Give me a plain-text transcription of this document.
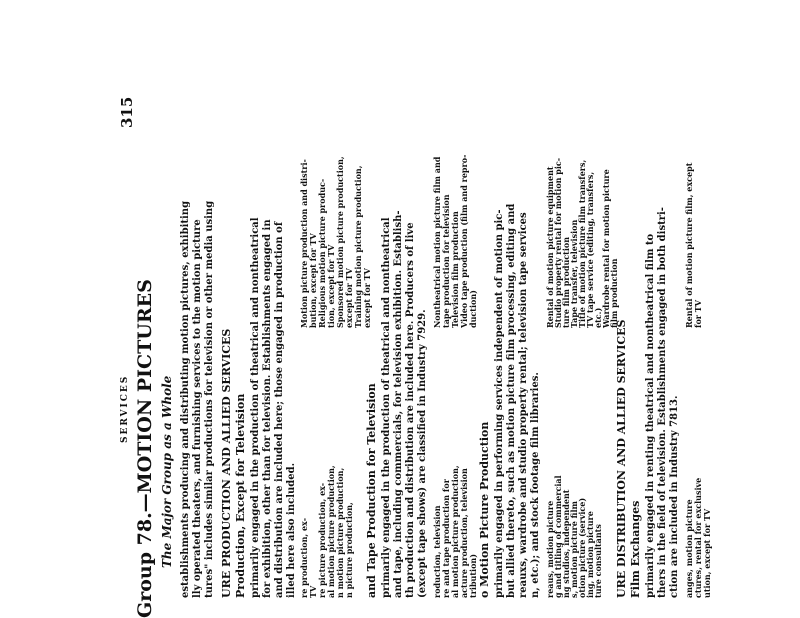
SERVICES
315
Group 78.—MOTION PICTURES The Major Group as a Whole establishments producing and distributing motion pictures, exhibiting lly operated theaters, and furnishing services to the motion picture tures" includes similar productions for television or other media using URE PRODUCTION AND ALLIED SERVICES Production, Except for Television primarily engaged in the production of theatrical and nontheatrical for exhibition, other than for television. Establishments engaged in and distribution are included here; those engaged in production of illed here also included. re production, ex- TV re picture production, ex- al motion picture production, n motion picture production, n picture production,
Motion picture production and distri- bution, except for TV Religious motion picture produc- tion, except for TV Sponsored motion picture production, except for TV Training motion picture production, except for TV
and Tape Production for Television primarily engaged in the production of theatrical and nontheatrical and tape, including commercials, for television exhibition. Establish- th production and distribution are included here. Producers of live (except tape shows) are classified in Industry 7929. roduction, television re and tape production for al motion picture production, acture production, television tribution)
Nontheatrical motion picture film and tape production for television Television film production Video tape production (film and repro- duction)
o Motion Picture Production primarily engaged in performing services independent of motion pic- but allied thereto, such as motion picture film processing, editing and reauxs, wardrobe and studio property rental; television tape services n, etc.); and stock footage film libraries. reaus, motion picture
g and titling of commercial
ng studios, independent
s, motion picture film
otion picture (service)
ing, motion picture
ture consultants
Rental of motion picture equipment
Studio property rental for motion pic-
ture film production
Tape transfer, television
Title of motion picture film transfers,
TV tape service (editing, transfers,
etc.)
Wardrobe rental for motion picture
film production
URE DISTRIBUTION AND ALLIED SERVICES Film Exchanges primarily engaged in renting theatrical and nontheatrical film to thers in the field of television. Establishments engaged in both distri- ction are included in Industry 7813. anges, motion picture ctures, rental for exclusive ution, except for TV
Rental of motion picture film, except for TV
